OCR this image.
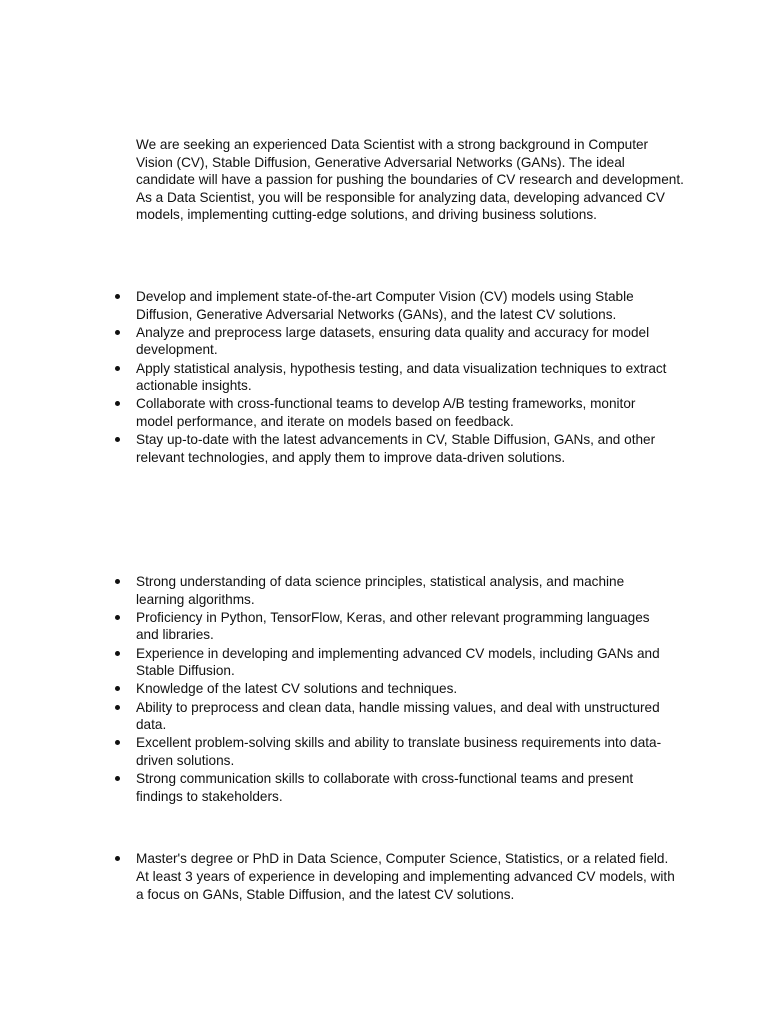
We are seeking an experienced Data Scientist with a strong background in Computer Vision (CV), Stable Diffusion, Generative Adversarial Networks (GANs). The ideal candidate will have a passion for pushing the boundaries of CV research and development. As a Data Scientist, you will be responsible for analyzing data, developing advanced CV models, implementing cutting-edge solutions, and driving business solutions.

Develop and implement state-of-the-art Computer Vision (CV) models using Stable Diffusion, Generative Adversarial Networks (GANs), and the latest CV solutions.
Analyze and preprocess large datasets, ensuring data quality and accuracy for model development.
Apply statistical analysis, hypothesis testing, and data visualization techniques to extract actionable insights.
Collaborate with cross-functional teams to develop A/B testing frameworks, monitor model performance, and iterate on models based on feedback.
Stay up-to-date with the latest advancements in CV, Stable Diffusion, GANs, and other relevant technologies, and apply them to improve data-driven solutions.
Strong understanding of data science principles, statistical analysis, and machine learning algorithms.
Proficiency in Python, TensorFlow, Keras, and other relevant programming languages and libraries.
Experience in developing and implementing advanced CV models, including GANs and Stable Diffusion.
Knowledge of the latest CV solutions and techniques.
Ability to preprocess and clean data, handle missing values, and deal with unstructured data.
Excellent problem-solving skills and ability to translate business requirements into data-driven solutions.
Strong communication skills to collaborate with cross-functional teams and present findings to stakeholders.
Master's degree or PhD in Data Science, Computer Science, Statistics, or a related field.
At least 3 years of experience in developing and implementing advanced CV models, with a focus on GANs, Stable Diffusion, and the latest CV solutions.
